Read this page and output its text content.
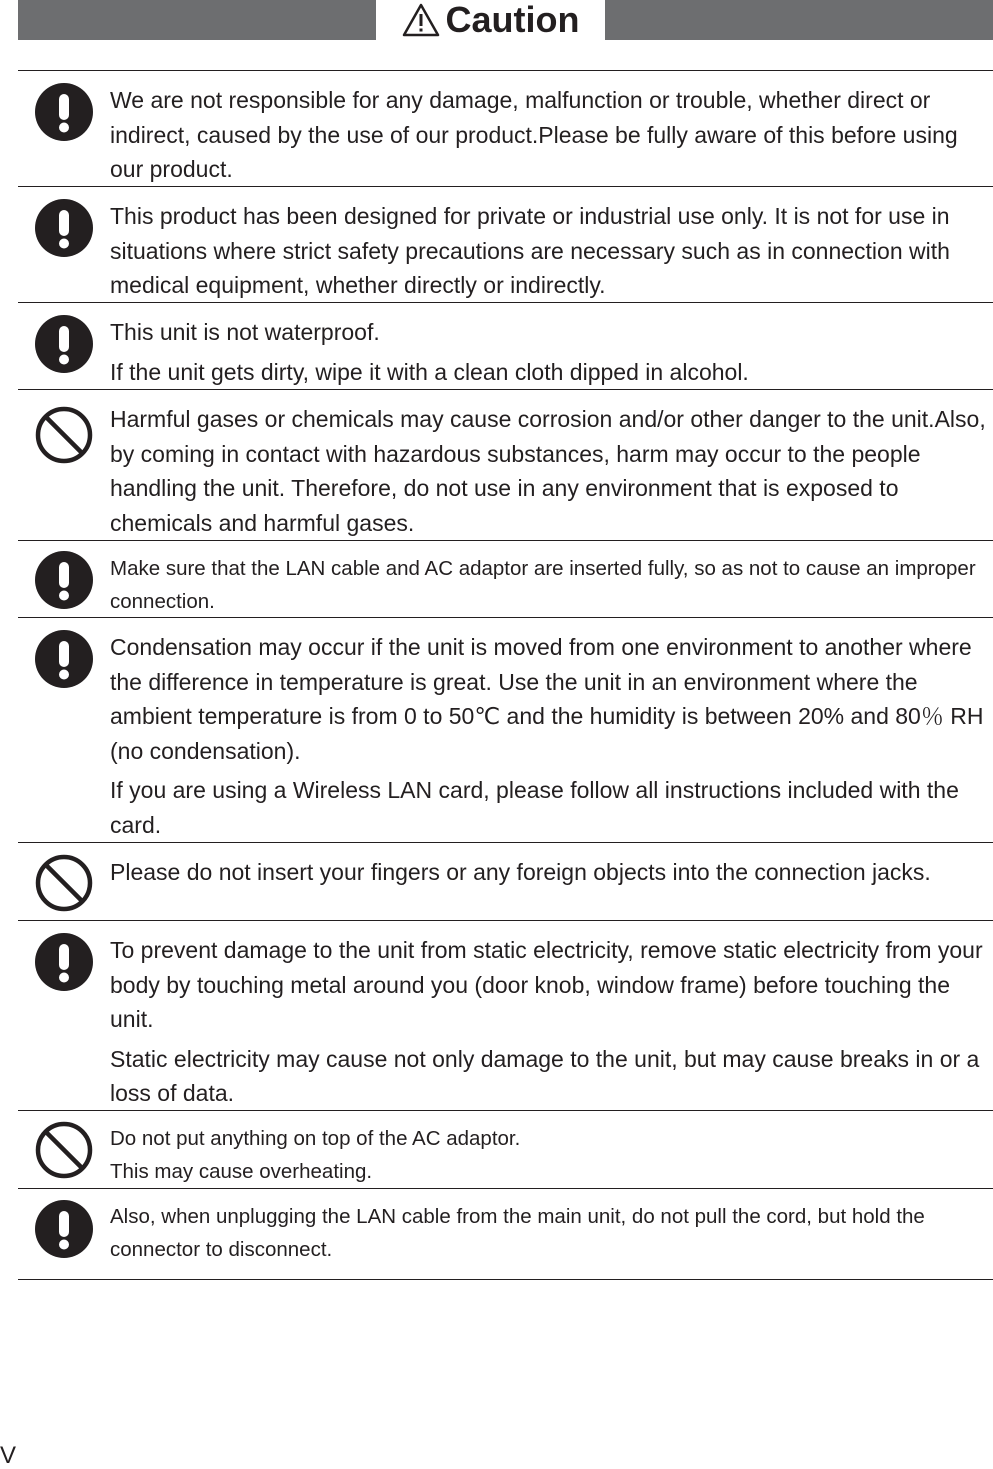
Caution

We are not responsible for any damage, malfunction or trouble, whether direct or indirect, caused by the use of our product.Please be fully aware of this before using our product.

This product has been designed for private or industrial use only. It is not for use in situations where strict safety precautions are necessary such as in connection with medical equipment, whether directly or indirectly.

This unit is not waterproof.

If the unit gets dirty, wipe it with a clean cloth dipped in alcohol.

Harmful gases or chemicals may cause corrosion and/or other danger to the unit.Also, by coming in contact with hazardous substances, harm may occur to the people handling the unit. Therefore, do not use in any environment that is exposed to chemicals and harmful gases.

Make sure that the LAN cable and AC adaptor are inserted fully, so as not to cause an improper connection.

Condensation may occur if the unit is moved from one environment to another where the difference in temperature is great. Use the unit in an environment where the ambient temperature is from 0 to 50℃ and the humidity is between 20% and 80％ RH (no condensation).

If you are using a Wireless LAN card, please follow all instructions included with the card.

Please do not insert your fingers or any foreign objects into the connection jacks.

To prevent damage to the unit from static electricity, remove static electricity from your body by touching metal around you (door knob, window frame) before touching the unit.

Static electricity may cause not only damage to the unit, but may cause breaks in or a loss of data.

Do not put anything on top of the AC adaptor.

This may cause overheating.

Also, when unplugging the LAN cable from the main unit, do not pull the cord, but hold the connector to disconnect.

V
